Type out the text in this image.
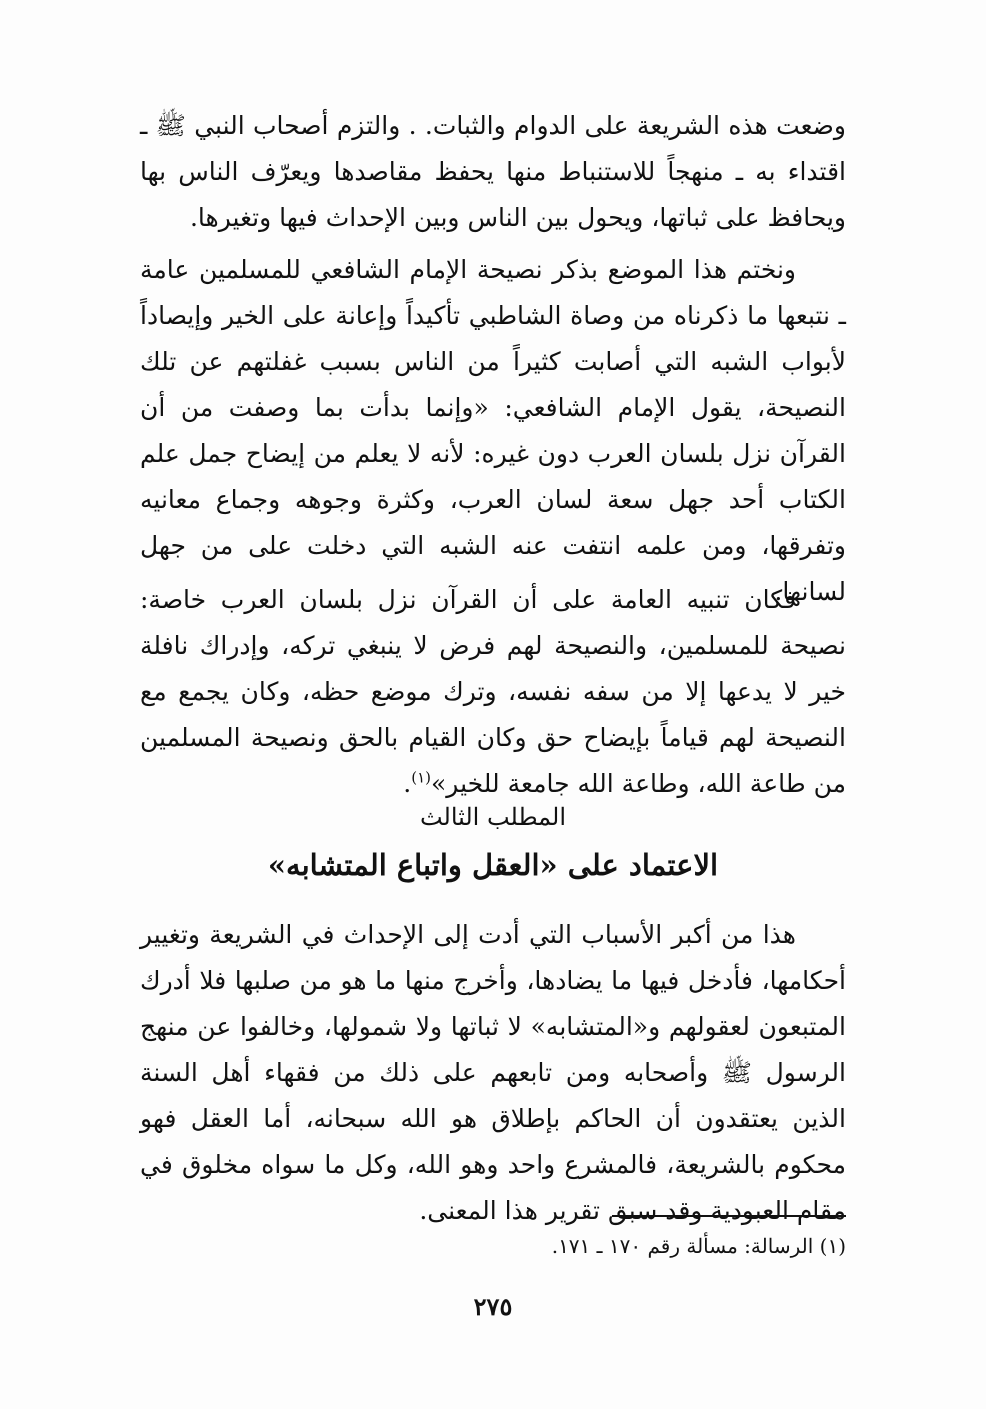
وضعت هذه الشريعة على الدوام والثبات. . والتزم أصحاب النبي ﷺ ـ اقتداء به ـ منهجاً للاستنباط منها يحفظ مقاصدها ويعرّف الناس بها ويحافظ على ثباتها، ويحول بين الناس وبين الإحداث فيها وتغيرها.

ونختم هذا الموضع بذكر نصيحة الإمام الشافعي للمسلمين عامة ـ نتبعها ما ذكرناه من وصاة الشاطبي تأكيداً وإعانة على الخير وإيصاداً لأبواب الشبه التي أصابت كثيراً من الناس بسبب غفلتهم عن تلك النصيحة، يقول الإمام الشافعي: «وإنما بدأت بما وصفت من أن القرآن نزل بلسان العرب دون غيره: لأنه لا يعلم من إيضاح جمل علم الكتاب أحد جهل سعة لسان العرب، وكثرة وجوهه وجماع معانيه وتفرقها، ومن علمه انتفت عنه الشبه التي دخلت على من جهل لسانها.

فكان تنبيه العامة على أن القرآن نزل بلسان العرب خاصة: نصيحة للمسلمين، والنصيحة لهم فرض لا ينبغي تركه، وإدراك نافلة خير لا يدعها إلا من سفه نفسه، وترك موضع حظه، وكان يجمع مع النصيحة لهم قياماً بإيضاح حق وكان القيام بالحق ونصيحة المسلمين من طاعة الله، وطاعة الله جامعة للخير»$^{(١)}$.

المطلب الثالث
الاعتماد على «العقل واتباع المتشابه»

هذا من أكبر الأسباب التي أدت إلى الإحداث في الشريعة وتغيير أحكامها، فأدخل فيها ما يضادها، وأخرج منها ما هو من صلبها فلا أدرك المتبعون لعقولهم و«المتشابه» لا ثباتها ولا شمولها، وخالفوا عن منهج الرسول ﷺ وأصحابه ومن تابعهم على ذلك من فقهاء أهل السنة الذين يعتقدون أن الحاكم بإطلاق هو الله سبحانه، أما العقل فهو محكوم بالشريعة، فالمشرع واحد وهو الله، وكل ما سواه مخلوق في مقام العبودية وقد سبق تقرير هذا المعنى.

(١) الرسالة: مسألة رقم ١٧٠ ـ ١٧١.
٢٧٥
